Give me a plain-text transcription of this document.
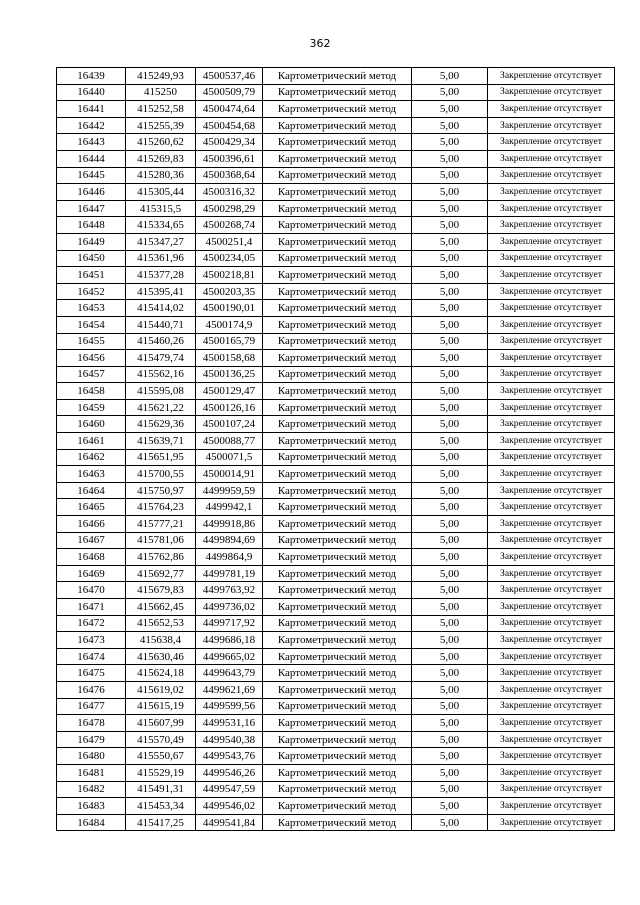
362
16439	415249,93	4500537,46	Картометрический метод	5,00	Закрепление отсутствует
16440	415250	4500509,79	Картометрический метод	5,00	Закрепление отсутствует
16441	415252,58	4500474,64	Картометрический метод	5,00	Закрепление отсутствует
16442	415255,39	4500454,68	Картометрический метод	5,00	Закрепление отсутствует
16443	415260,62	4500429,34	Картометрический метод	5,00	Закрепление отсутствует
16444	415269,83	4500396,61	Картометрический метод	5,00	Закрепление отсутствует
16445	415280,36	4500368,64	Картометрический метод	5,00	Закрепление отсутствует
16446	415305,44	4500316,32	Картометрический метод	5,00	Закрепление отсутствует
16447	415315,5	4500298,29	Картометрический метод	5,00	Закрепление отсутствует
16448	415334,65	4500268,74	Картометрический метод	5,00	Закрепление отсутствует
16449	415347,27	4500251,4	Картометрический метод	5,00	Закрепление отсутствует
16450	415361,96	4500234,05	Картометрический метод	5,00	Закрепление отсутствует
16451	415377,28	4500218,81	Картометрический метод	5,00	Закрепление отсутствует
16452	415395,41	4500203,35	Картометрический метод	5,00	Закрепление отсутствует
16453	415414,02	4500190,01	Картометрический метод	5,00	Закрепление отсутствует
16454	415440,71	4500174,9	Картометрический метод	5,00	Закрепление отсутствует
16455	415460,26	4500165,79	Картометрический метод	5,00	Закрепление отсутствует
16456	415479,74	4500158,68	Картометрический метод	5,00	Закрепление отсутствует
16457	415562,16	4500136,25	Картометрический метод	5,00	Закрепление отсутствует
16458	415595,08	4500129,47	Картометрический метод	5,00	Закрепление отсутствует
16459	415621,22	4500126,16	Картометрический метод	5,00	Закрепление отсутствует
16460	415629,36	4500107,24	Картометрический метод	5,00	Закрепление отсутствует
16461	415639,71	4500088,77	Картометрический метод	5,00	Закрепление отсутствует
16462	415651,95	4500071,5	Картометрический метод	5,00	Закрепление отсутствует
16463	415700,55	4500014,91	Картометрический метод	5,00	Закрепление отсутствует
16464	415750,97	4499959,59	Картометрический метод	5,00	Закрепление отсутствует
16465	415764,23	4499942,1	Картометрический метод	5,00	Закрепление отсутствует
16466	415777,21	4499918,86	Картометрический метод	5,00	Закрепление отсутствует
16467	415781,06	4499894,69	Картометрический метод	5,00	Закрепление отсутствует
16468	415762,86	4499864,9	Картометрический метод	5,00	Закрепление отсутствует
16469	415692,77	4499781,19	Картометрический метод	5,00	Закрепление отсутствует
16470	415679,83	4499763,92	Картометрический метод	5,00	Закрепление отсутствует
16471	415662,45	4499736,02	Картометрический метод	5,00	Закрепление отсутствует
16472	415652,53	4499717,92	Картометрический метод	5,00	Закрепление отсутствует
16473	415638,4	4499686,18	Картометрический метод	5,00	Закрепление отсутствует
16474	415630,46	4499665,02	Картометрический метод	5,00	Закрепление отсутствует
16475	415624,18	4499643,79	Картометрический метод	5,00	Закрепление отсутствует
16476	415619,02	4499621,69	Картометрический метод	5,00	Закрепление отсутствует
16477	415615,19	4499599,56	Картометрический метод	5,00	Закрепление отсутствует
16478	415607,99	4499531,16	Картометрический метод	5,00	Закрепление отсутствует
16479	415570,49	4499540,38	Картометрический метод	5,00	Закрепление отсутствует
16480	415550,67	4499543,76	Картометрический метод	5,00	Закрепление отсутствует
16481	415529,19	4499546,26	Картометрический метод	5,00	Закрепление отсутствует
16482	415491,31	4499547,59	Картометрический метод	5,00	Закрепление отсутствует
16483	415453,34	4499546,02	Картометрический метод	5,00	Закрепление отсутствует
16484	415417,25	4499541,84	Картометрический метод	5,00	Закрепление отсутствует
